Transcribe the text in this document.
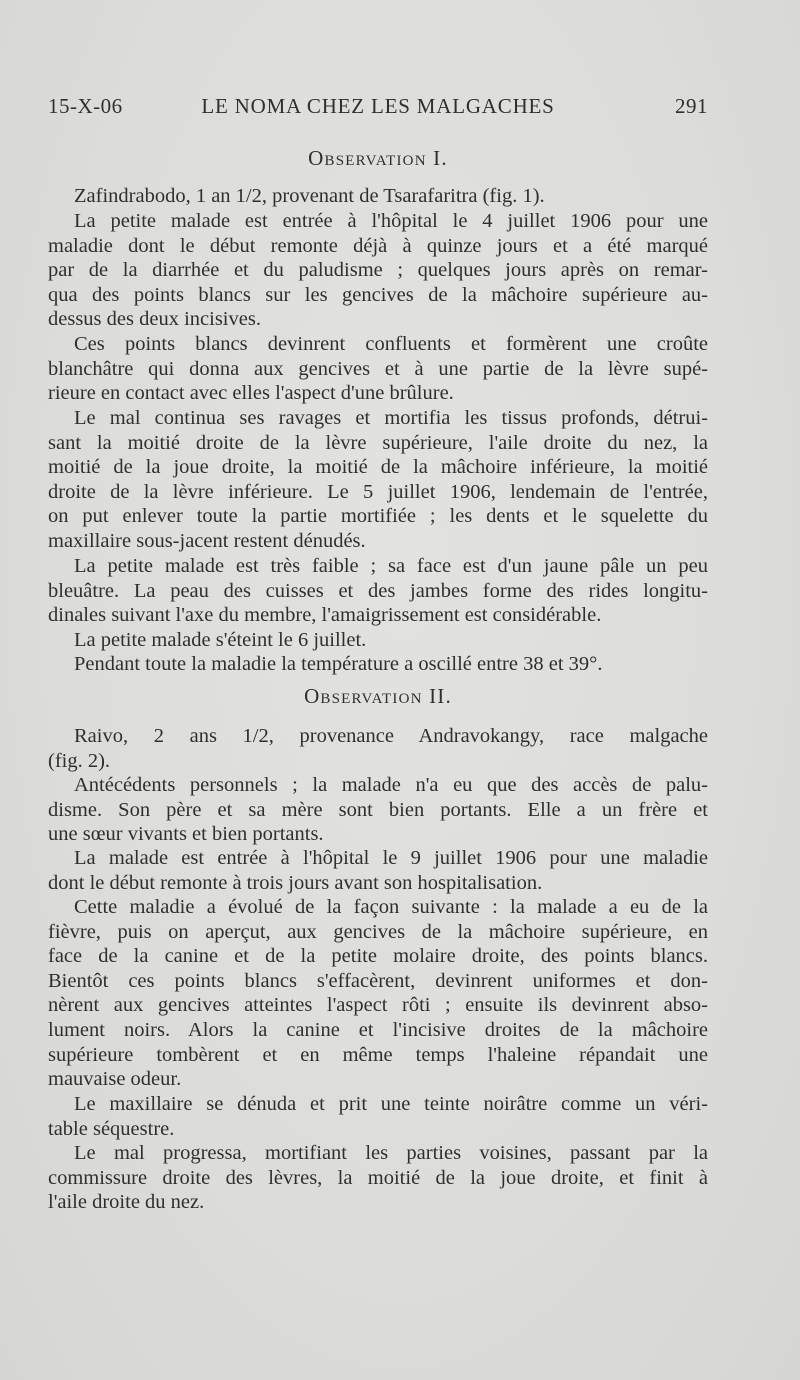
15-X-06	LE NOMA CHEZ LES MALGACHES	291
Observation I.

Zafindrabodo, 1 an 1/2, provenant de Tsarafaritra (fig. 1).

La petite malade est entrée à l'hôpital le 4 juillet 1906 pour une
maladie dont le début remonte déjà à quinze jours et a été marqué
par de la diarrhée et du paludisme ; quelques jours après on remar-
qua des points blancs sur les gencives de la mâchoire supérieure au-
dessus des deux incisives.

Ces points blancs devinrent confluents et formèrent une croûte
blanchâtre qui donna aux gencives et à une partie de la lèvre supé-
rieure en contact avec elles l'aspect d'une brûlure.

Le mal continua ses ravages et mortifia les tissus profonds, détrui-
sant la moitié droite de la lèvre supérieure, l'aile droite du nez, la
moitié de la joue droite, la moitié de la mâchoire inférieure, la moitié
droite de la lèvre inférieure. Le 5 juillet 1906, lendemain de l'entrée,
on put enlever toute la partie mortifiée ; les dents et le squelette du
maxillaire sous-jacent restent dénudés.

La petite malade est très faible ; sa face est d'un jaune pâle un peu
bleuâtre. La peau des cuisses et des jambes forme des rides longitu-
dinales suivant l'axe du membre, l'amaigrissement est considérable.

La petite malade s'éteint le 6 juillet.

Pendant toute la maladie la température a oscillé entre 38 et 39°.

Observation II.

Raivo, 2 ans 1/2, provenance Andravokangy, race malgache
(fig. 2).

Antécédents personnels ; la malade n'a eu que des accès de palu-
disme. Son père et sa mère sont bien portants. Elle a un frère et
une sœur vivants et bien portants.

La malade est entrée à l'hôpital le 9 juillet 1906 pour une maladie
dont le début remonte à trois jours avant son hospitalisation.

Cette maladie a évolué de la façon suivante : la malade a eu de la
fièvre, puis on aperçut, aux gencives de la mâchoire supérieure, en
face de la canine et de la petite molaire droite, des points blancs.
Bientôt ces points blancs s'effacèrent, devinrent uniformes et don-
nèrent aux gencives atteintes l'aspect rôti ; ensuite ils devinrent abso-
lument noirs. Alors la canine et l'incisive droites de la mâchoire
supérieure tombèrent et en même temps l'haleine répandait une
mauvaise odeur.

Le maxillaire se dénuda et prit une teinte noirâtre comme un véri-
table séquestre.

Le mal progressa, mortifiant les parties voisines, passant par la
commissure droite des lèvres, la moitié de la joue droite, et finit à
l'aile droite du nez.
